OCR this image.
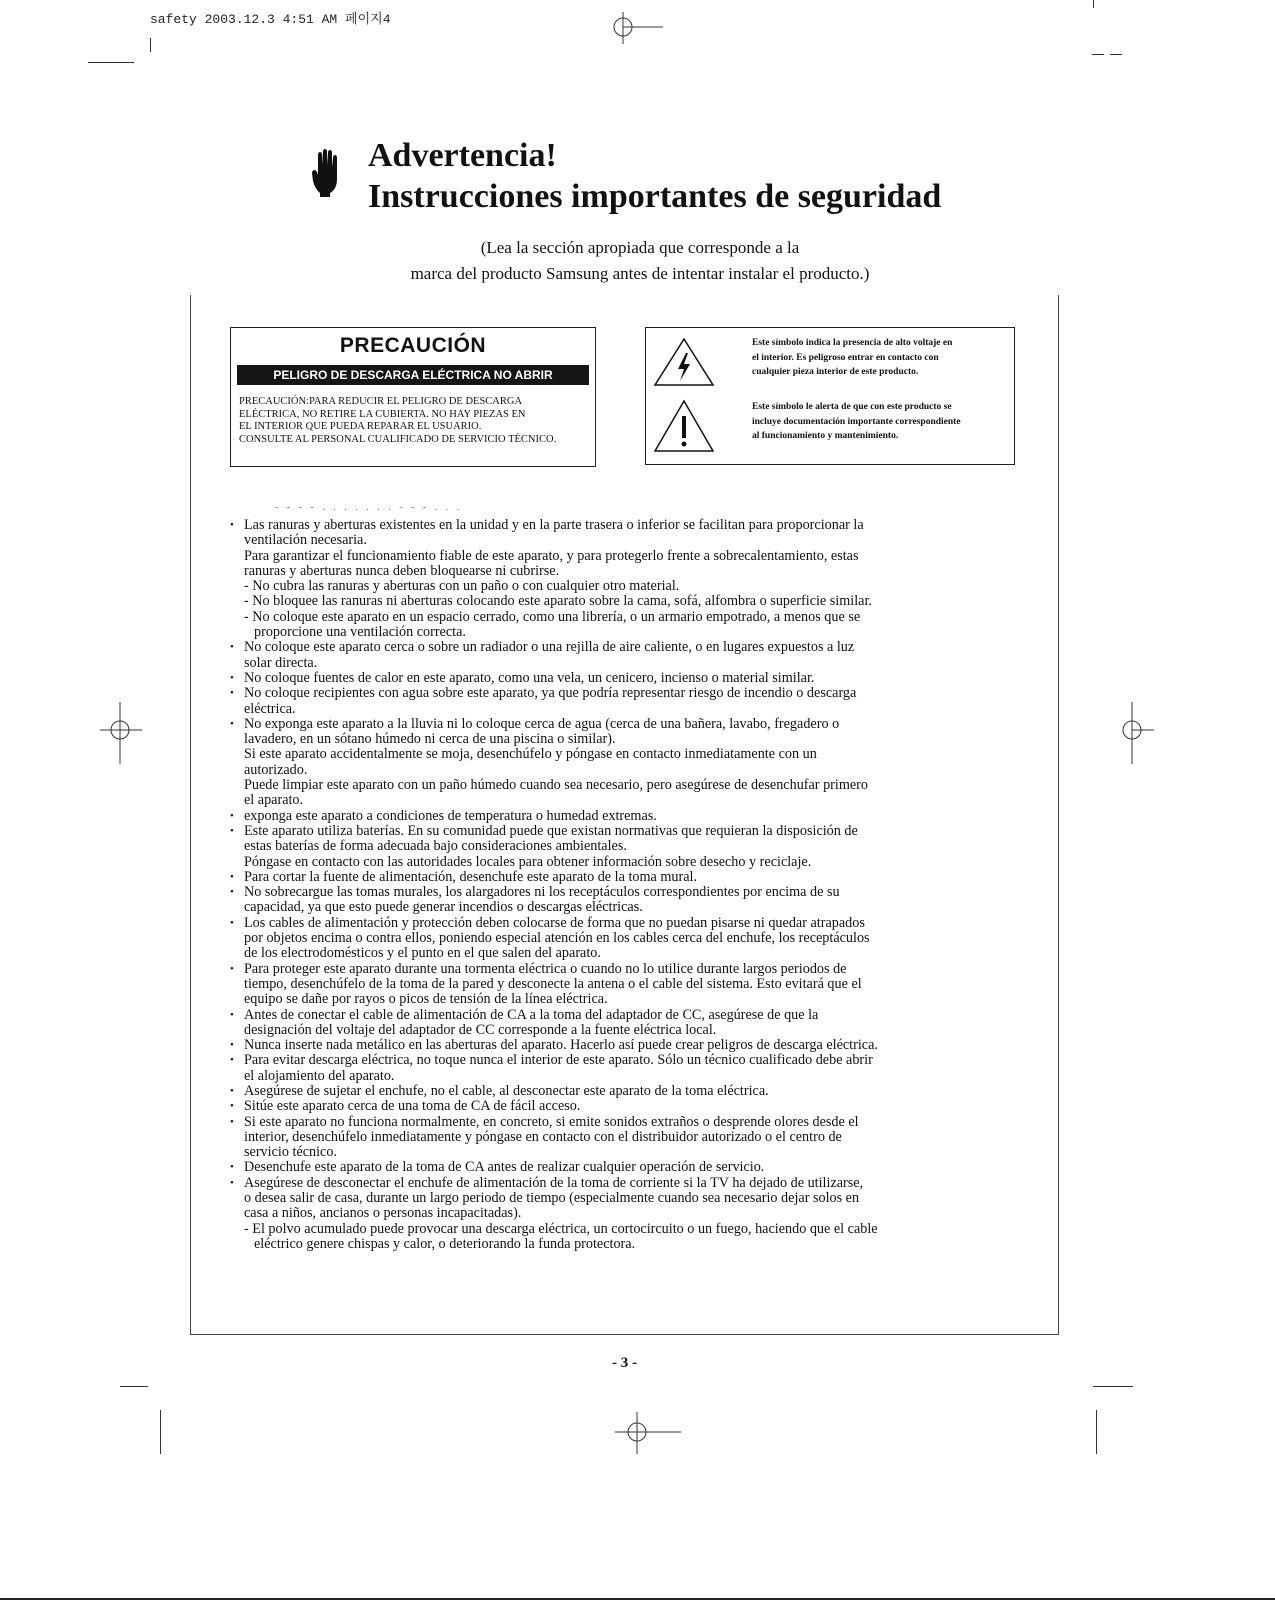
safety 2003.12.3 4:51 AM 페이지4
Advertencia!
Instrucciones importantes de seguridad
(Lea la sección apropiada que corresponde a la
marca del producto Samsung antes de intentar instalar el producto.)
PRECAUCIÓN
PELIGRO DE DESCARGA ELÉCTRICA NO ABRIR
PRECAUCIÓN:PARA REDUCIR EL PELIGRO DE DESCARGA
ELÉCTRICA, NO RETIRE LA CUBIERTA. NO HAY PIEZAS EN
EL INTERIOR QUE PUEDA REPARAR EL USUARIO.
CONSULTE AL PERSONAL CUALIFICADO DE SERVICIO TÉCNICO.
Este símbolo indica la presencia de alto voltaje en
el interior. Es peligroso entrar en contacto con
cualquier pieza interior de este producto.
Este símbolo le alerta de que con este producto se
incluye documentación importante correspondiente
al funcionamiento y mantenimiento.
- - - - . . . . . . . - - - . . .
• Las ranuras y aberturas existentes en la unidad y en la parte trasera o inferior se facilitan para proporcionar la
ventilación necesaria.
Para garantizar el funcionamiento fiable de este aparato, y para protegerlo frente a sobrecalentamiento, estas
ranuras y aberturas nunca deben bloquearse ni cubrirse.
- No cubra las ranuras y aberturas con un paño o con cualquier otro material.
- No bloquee las ranuras ni aberturas colocando este aparato sobre la cama, sofá, alfombra o superficie similar.
- No coloque este aparato en un espacio cerrado, como una librería, o un armario empotrado, a menos que se
proporcione una ventilación correcta.
• No coloque este aparato cerca o sobre un radiador o una rejilla de aire caliente, o en lugares expuestos a luz
solar directa.
• No coloque fuentes de calor en este aparato, como una vela, un cenicero, incienso o material similar.
• No coloque recipientes con agua sobre este aparato, ya que podría representar riesgo de incendio o descarga
eléctrica.
• No exponga este aparato a la lluvia ni lo coloque cerca de agua (cerca de una bañera, lavabo, fregadero o
lavadero, en un sótano húmedo ni cerca de una piscina o similar).
Si este aparato accidentalmente se moja, desenchúfelo y póngase en contacto inmediatamente con un
autorizado.
Puede limpiar este aparato con un paño húmedo cuando sea necesario, pero asegúrese de desenchufar primero
el aparato.
• exponga este aparato a condiciones de temperatura o humedad extremas.
• Este aparato utiliza baterías. En su comunidad puede que existan normativas que requieran la disposición de
estas baterías de forma adecuada bajo consideraciones ambientales.
Póngase en contacto con las autoridades locales para obtener información sobre desecho y reciclaje.
• Para cortar la fuente de alimentación, desenchufe este aparato de la toma mural.
• No sobrecargue las tomas murales, los alargadores ni los receptáculos correspondientes por encima de su
capacidad, ya que esto puede generar incendios o descargas eléctricas.
• Los cables de alimentación y protección deben colocarse de forma que no puedan pisarse ni quedar atrapados
por objetos encima o contra ellos, poniendo especial atención en los cables cerca del enchufe, los receptáculos
de los electrodomésticos y el punto en el que salen del aparato.
• Para proteger este aparato durante una tormenta eléctrica o cuando no lo utilice durante largos periodos de
tiempo, desenchúfelo de la toma de la pared y desconecte la antena o el cable del sistema. Esto evitará que el
equipo se dañe por rayos o picos de tensión de la línea eléctrica.
• Antes de conectar el cable de alimentación de CA a la toma del adaptador de CC, asegúrese de que la
designación del voltaje del adaptador de CC corresponde a la fuente eléctrica local.
• Nunca inserte nada metálico en las aberturas del aparato. Hacerlo así puede crear peligros de descarga eléctrica.
• Para evitar descarga eléctrica, no toque nunca el interior de este aparato. Sólo un técnico cualificado debe abrir
el alojamiento del aparato.
• Asegúrese de sujetar el enchufe, no el cable, al desconectar este aparato de la toma eléctrica.
• Sitúe este aparato cerca de una toma de CA de fácil acceso.
• Si este aparato no funciona normalmente, en concreto, si emite sonidos extraños o desprende olores desde el
interior, desenchúfelo inmediatamente y póngase en contacto con el distribuidor autorizado o el centro de
servicio técnico.
• Desenchufe este aparato de la toma de CA antes de realizar cualquier operación de servicio.
• Asegúrese de desconectar el enchufe de alimentación de la toma de corriente si la TV ha dejado de utilizarse,
o desea salir de casa, durante un largo periodo de tiempo (especialmente cuando sea necesario dejar solos en
casa a niños, ancianos o personas incapacitadas).
- El polvo acumulado puede provocar una descarga eléctrica, un cortocircuito o un fuego, haciendo que el cable
eléctrico genere chispas y calor, o deteriorando la funda protectora.
- 3 -
